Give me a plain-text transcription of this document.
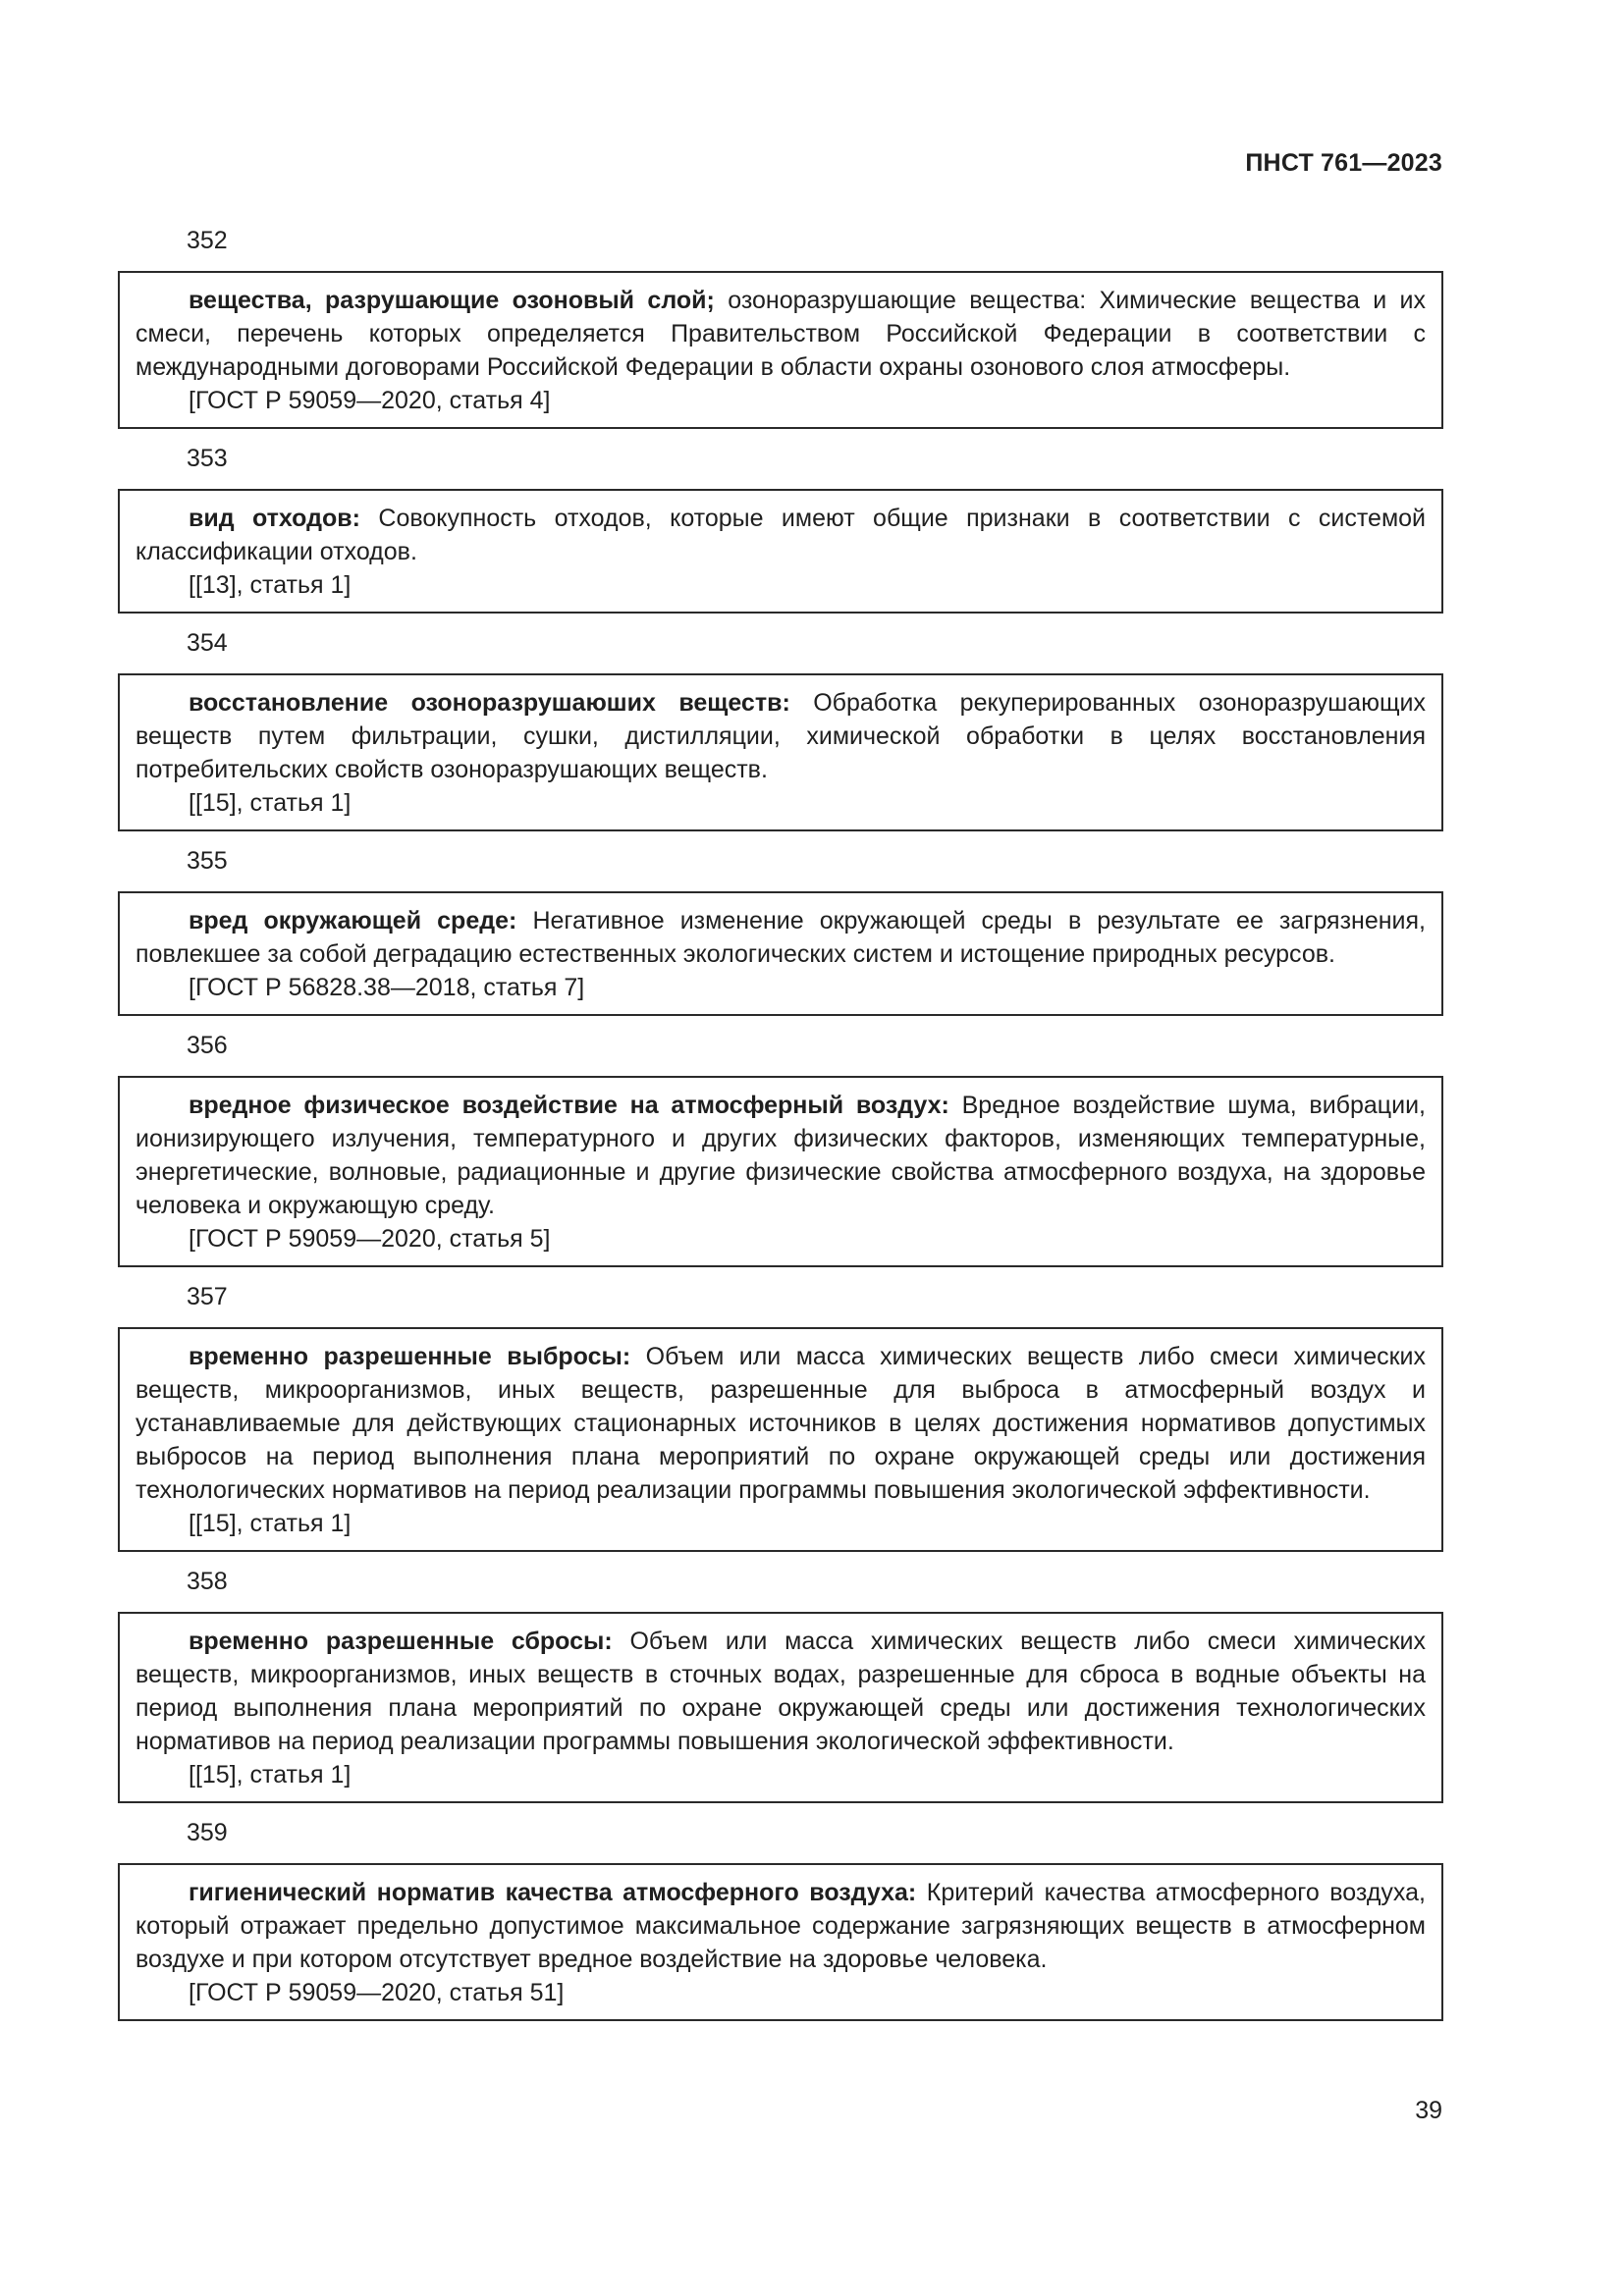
ПНСТ 761—2023
352

вещества, разрушающие озоновый слой; озоноразрушающие вещества: Химические вещества и их смеси, перечень которых определяется Правительством Российской Федерации в соответствии с международными договорами Российской Федерации в области охраны озонового слоя атмосферы.

[ГОСТ Р 59059—2020, статья 4]
353

вид отходов: Совокупность отходов, которые имеют общие признаки в соответствии с системой классификации отходов.

[[13], статья 1]
354

восстановление озоноразрушаюших веществ: Обработка рекуперированных озоноразрушающих веществ путем фильтрации, сушки, дистилляции, химической обработки в целях восстановления потребительских свойств озоноразрушающих веществ.

[[15], статья 1]
355

вред окружающей среде: Негативное изменение окружающей среды в результате ее загрязнения, повлекшее за собой деградацию естественных экологических систем и истощение природных ресурсов.

[ГОСТ Р 56828.38—2018, статья 7]
356

вредное физическое воздействие на атмосферный воздух: Вредное воздействие шума, вибрации, ионизирующего излучения, температурного и других физических факторов, изменяющих температурные, энергетические, волновые, радиационные и другие физические свойства атмосферного воздуха, на здоровье человека и окружающую среду.

[ГОСТ Р 59059—2020, статья 5]
357

временно разрешенные выбросы: Объем или масса химических веществ либо смеси химических веществ, микроорганизмов, иных веществ, разрешенные для выброса в атмосферный воздух и устанавливаемые для действующих стационарных источников в целях достижения нормативов допустимых выбросов на период выполнения плана мероприятий по охране окружающей среды или достижения технологических нормативов на период реализации программы повышения экологической эффективности.

[[15], статья 1]
358

временно разрешенные сбросы: Объем или масса химических веществ либо смеси химических веществ, микроорганизмов, иных веществ в сточных водах, разрешенные для сброса в водные объекты на период выполнения плана мероприятий по охране окружающей среды или достижения технологических нормативов на период реализации программы повышения экологической эффективности.

[[15], статья 1]
359

гигиенический норматив качества атмосферного воздуха: Критерий качества атмосферного воздуха, который отражает предельно допустимое максимальное содержание загрязняющих веществ в атмосферном воздухе и при котором отсутствует вредное воздействие на здоровье человека.

[ГОСТ Р 59059—2020, статья 51]
39
